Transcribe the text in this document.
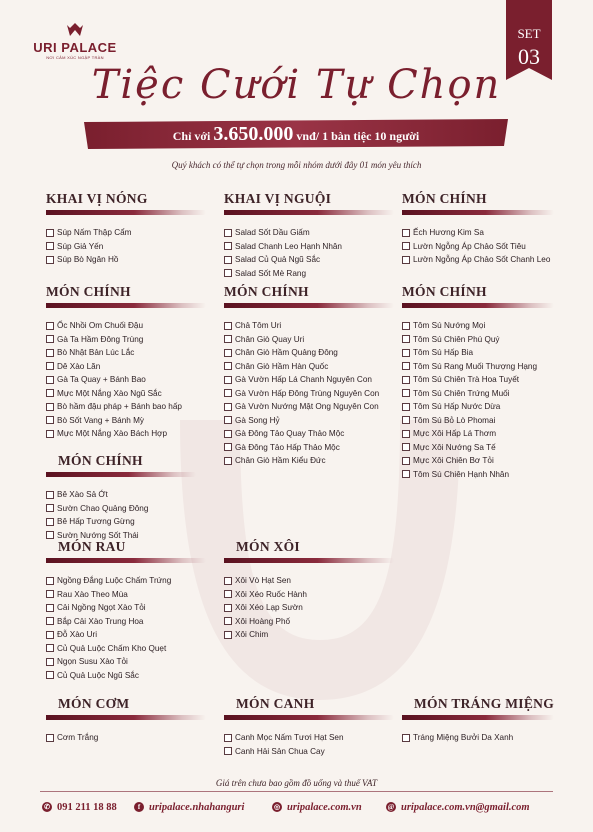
URI PALACE
NƠI CẢM XÚC NGẬP TRÀN
SET
03
Tiệc Cưới Tự Chọn
Chỉ với 3.650.000 vnđ/ 1 bàn tiệc 10 người
Quý khách có thể tự chọn trong mỗi nhóm dưới đây 01 món yêu thích
KHAI VỊ NÓNG
Súp Nấm Thập Cẩm
Súp Giả Yến
Súp Bò Ngân Hồ
KHAI VỊ NGUỘI
Salad Sốt Dầu Giấm
Salad Chanh Leo Hạnh Nhân
Salad Củ Quả Ngũ Sắc
Salad Sốt Mè Rang
MÓN CHÍNH
Ếch Hương Kim Sa
Lườn Ngỗng Áp Chảo Sốt Tiêu
Lườn Ngỗng Áp Chảo Sốt Chanh Leo
MÓN CHÍNH
Ốc Nhồi Om Chuối Đậu
Gà Ta Hầm Đông Trùng
Bò Nhật Bản Lúc Lắc
Dê Xào Lăn
Gà Ta Quay + Bánh Bao
Mực Một Nắng Xào Ngũ Sắc
Bò hầm đậu pháp + Bánh bao hấp
Bò Sốt Vang + Bánh Mỳ
Mực Một Nắng Xào Bách Hợp
MÓN CHÍNH
Chả Tôm Uri
Chân Giò Quay Uri
Chân Giò Hầm Quảng Đông
Chân Giò Hầm Hàn Quốc
Gà Vườn Hấp Lá Chanh Nguyên Con
Gà Vườn Hấp Đông Trùng Nguyên Con
Gà Vườn Nướng Mật Ong Nguyên Con
Gà Song Hỷ
Gà Đông Tảo Quay Thảo Mộc
Gà Đông Tảo Hấp Thảo Mộc
Chân Giò Hầm Kiểu Đức
MÓN CHÍNH
Tôm Sú Nướng Mọi
Tôm Sú Chiên Phú Quý
Tôm Sú Hấp Bia
Tôm Sú Rang Muối Thượng Hạng
Tôm Sú Chiên Trà Hoa Tuyết
Tôm Sú Chiên Trứng Muối
Tôm Sú Hấp Nước Dừa
Tôm Sú Bỏ Lò Phomai
Mực Xôi Hấp Lá Thơm
Mực Xôi Nướng Sa Tế
Mực Xôi Chiên Bơ Tỏi
Tôm Sú Chiên Hạnh Nhân
MÓN CHÍNH
Bê Xào Sả Ớt
Sườn Chao Quảng Đông
Bê Hấp Tương Gừng
Sườn Nướng Sốt Thái
MÓN RAU
Ngồng Đắng Luộc Chấm Trứng
Rau Xào Theo Mùa
Cải Ngồng Ngọt Xào Tỏi
Bắp Cải Xào Trung Hoa
Đỗ Xào Uri
Củ Quả Luộc Chấm Kho Quẹt
Ngọn Susu Xào Tỏi
Củ Quả Luộc Ngũ Sắc
MÓN XÔI
Xôi Vò Hạt Sen
Xôi Xéo Ruốc Hành
Xôi Xéo Lạp Sườn
Xôi Hoàng Phố
Xôi Chim
MÓN CƠM
Cơm Trắng
MÓN CANH
Canh Mọc Nấm Tươi Hạt Sen
Canh Hải Sản Chua Cay
MÓN TRÁNG MIỆNG
Tráng Miệng Bưởi Da Xanh
Giá trên chưa bao gồm đồ uống và thuế VAT
✆ 091 211 18 88	f uripalace.nhahanguri	◎ uripalace.com.vn	@ uripalace.com.vn@gmail.com
